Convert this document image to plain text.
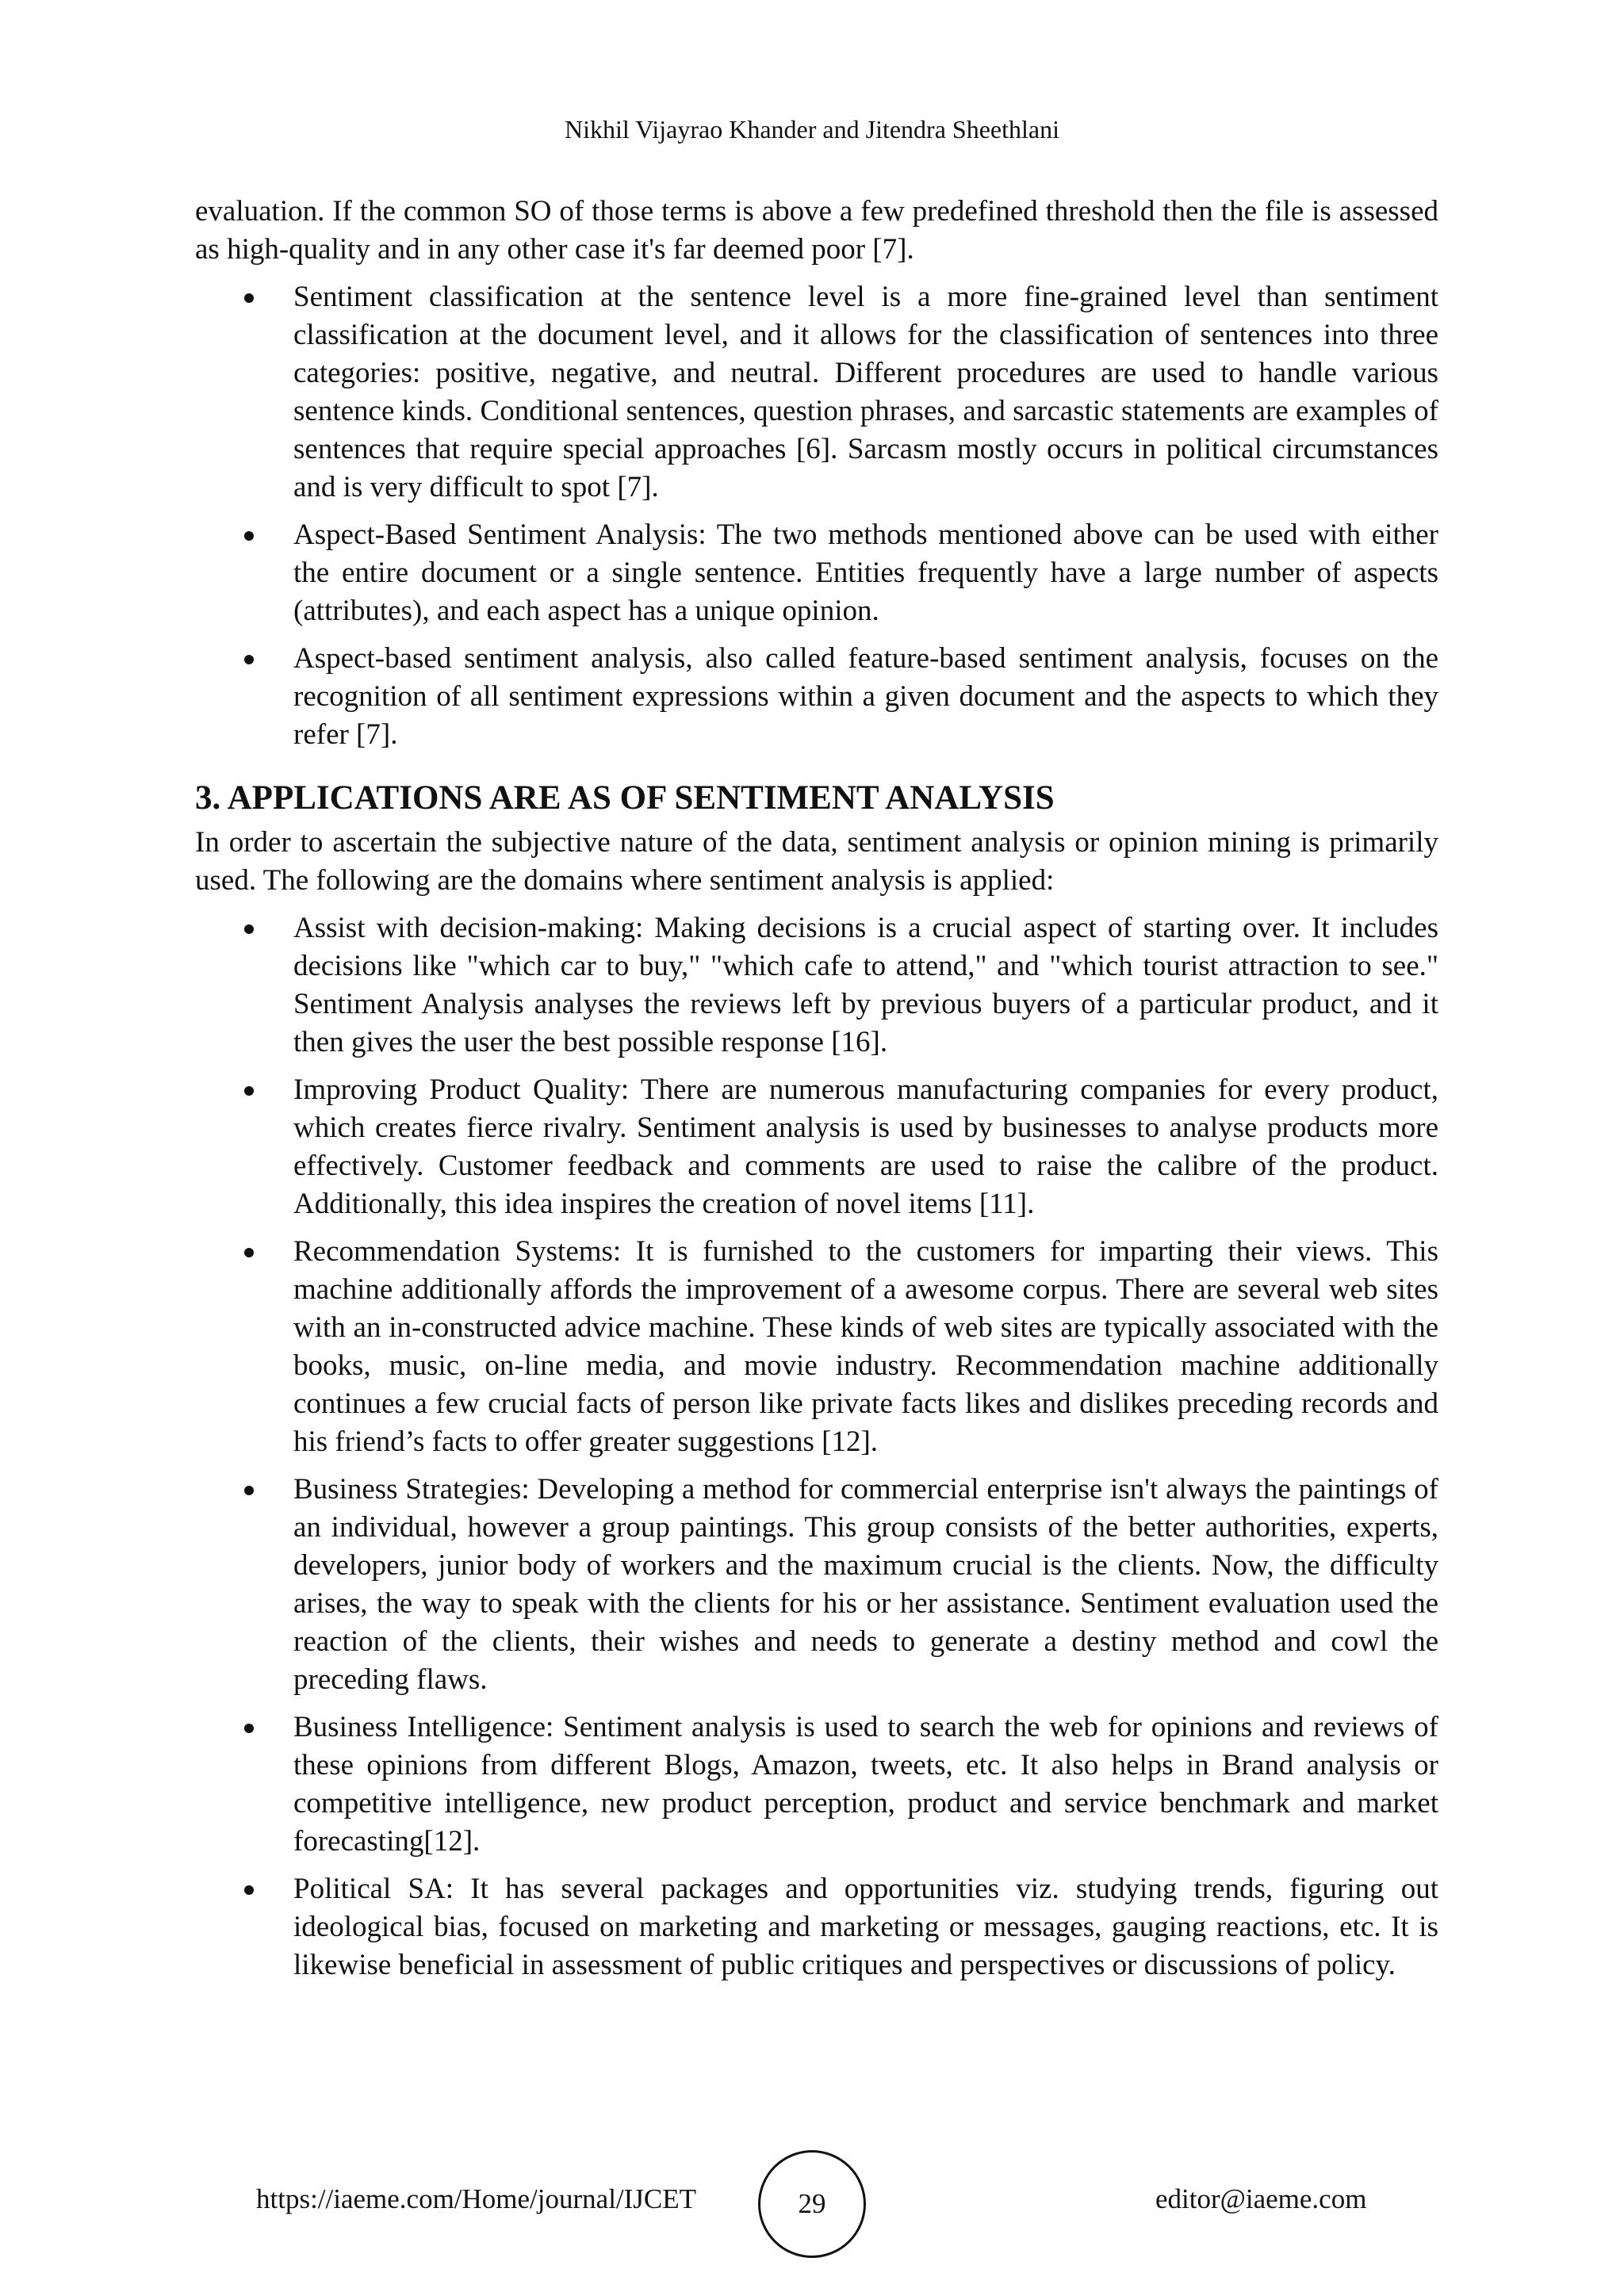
Nikhil Vijayrao Khander and Jitendra Sheethlani

evaluation. If the common SO of those terms is above a few predefined threshold then the file is assessed as high-quality and in any other case it's far deemed poor [7].

Sentiment classification at the sentence level is a more fine-grained level than sentiment classification at the document level, and it allows for the classification of sentences into three categories: positive, negative, and neutral. Different procedures are used to handle various sentence kinds. Conditional sentences, question phrases, and sarcastic statements are examples of sentences that require special approaches [6]. Sarcasm mostly occurs in political circumstances and is very difficult to spot [7].
Aspect-Based Sentiment Analysis: The two methods mentioned above can be used with either the entire document or a single sentence. Entities frequently have a large number of aspects (attributes), and each aspect has a unique opinion.
Aspect-based sentiment analysis, also called feature-based sentiment analysis, focuses on the recognition of all sentiment expressions within a given document and the aspects to which they refer [7].
3. APPLICATIONS ARE AS OF SENTIMENT ANALYSIS

In order to ascertain the subjective nature of the data, sentiment analysis or opinion mining is primarily used. The following are the domains where sentiment analysis is applied:

Assist with decision-making: Making decisions is a crucial aspect of starting over. It includes decisions like "which car to buy," "which cafe to attend," and "which tourist attraction to see." Sentiment Analysis analyses the reviews left by previous buyers of a particular product, and it then gives the user the best possible response [16].
Improving Product Quality: There are numerous manufacturing companies for every product, which creates fierce rivalry. Sentiment analysis is used by businesses to analyse products more effectively. Customer feedback and comments are used to raise the calibre of the product. Additionally, this idea inspires the creation of novel items [11].
Recommendation Systems: It is furnished to the customers for imparting their views. This machine additionally affords the improvement of a awesome corpus. There are several web sites with an in-constructed advice machine. These kinds of web sites are typically associated with the books, music, on-line media, and movie industry. Recommendation machine additionally continues a few crucial facts of person like private facts likes and dislikes preceding records and his friend’s facts to offer greater suggestions [12].
Business Strategies: Developing a method for commercial enterprise isn't always the paintings of an individual, however a group paintings. This group consists of the better authorities, experts, developers, junior body of workers and the maximum crucial is the clients. Now, the difficulty arises, the way to speak with the clients for his or her assistance. Sentiment evaluation used the reaction of the clients, their wishes and needs to generate a destiny method and cowl the preceding flaws.
Business Intelligence: Sentiment analysis is used to search the web for opinions and reviews of these opinions from different Blogs, Amazon, tweets, etc. It also helps in Brand analysis or competitive intelligence, new product perception, product and service benchmark and market forecasting[12].
Political SA: It has several packages and opportunities viz. studying trends, figuring out ideological bias, focused on marketing and marketing or messages, gauging reactions, etc. It is likewise beneficial in assessment of public critiques and perspectives or discussions of policy.
https://iaeme.com/Home/journal/IJCET	29	editor@iaeme.com
